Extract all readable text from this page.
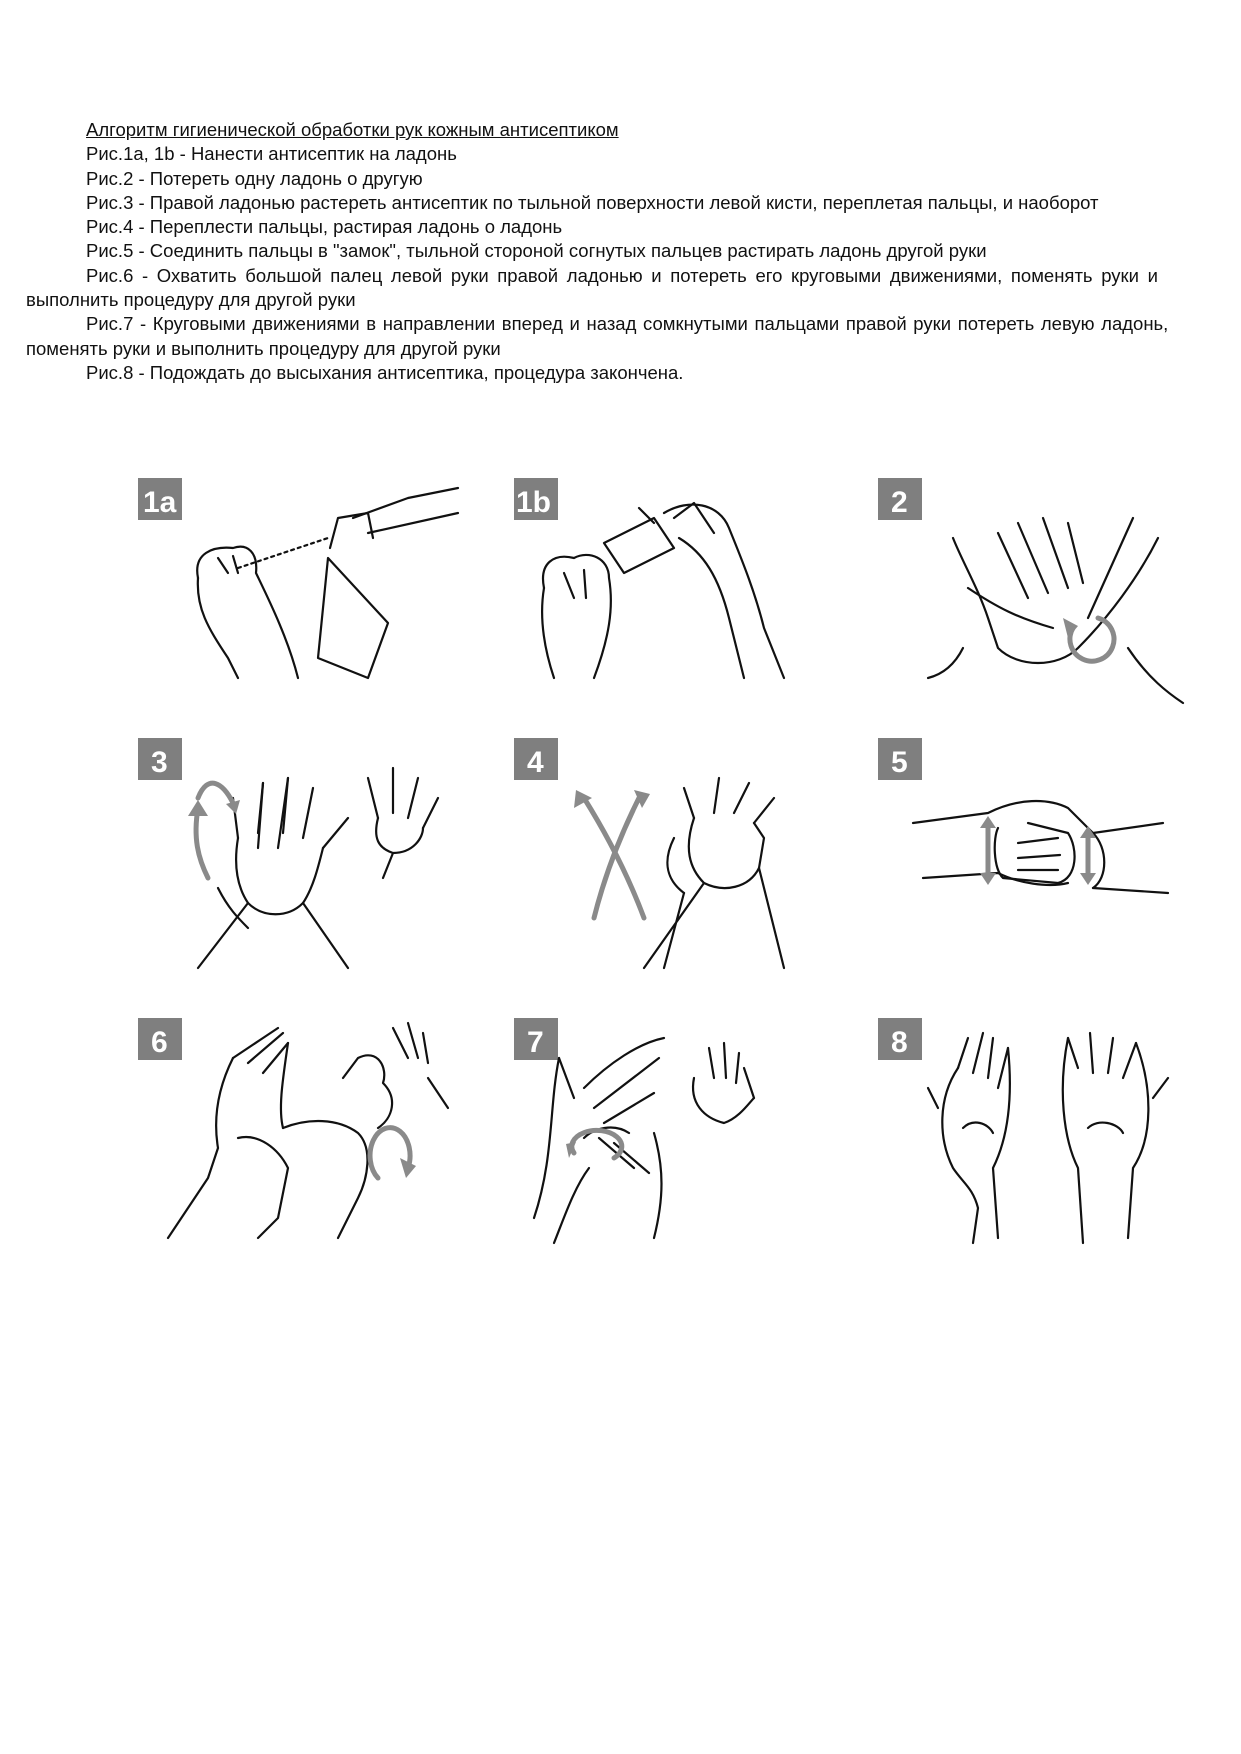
Алгоритм гигиенической обработки рук кожным антисептиком
Рис.1a, 1b - Нанести антисептик на ладонь
Рис.2 - Потереть одну ладонь о другую
Рис.3 - Правой ладонью растереть антисептик по тыльной поверхности левой кисти, переплетая пальцы, и наоборот
Рис.4 - Переплести пальцы, растирая ладонь о ладонь
Рис.5 - Соединить пальцы в "замок", тыльной стороной согнутых пальцев растирать ладонь другой руки
Рис.6 - Охватить большой палец левой руки правой ладонью и потереть его круговыми движениями, поменять руки и
выполнить процедуру для другой руки
Рис.7 - Круговыми движениями в направлении вперед и назад сомкнутыми пальцами правой руки потереть левую ладонь,
поменять руки и выполнить процедуру для другой руки
Рис.8 - Подождать до высыхания антисептика, процедура закончена.
1a	1b	2
3	4	5
6	7	8
